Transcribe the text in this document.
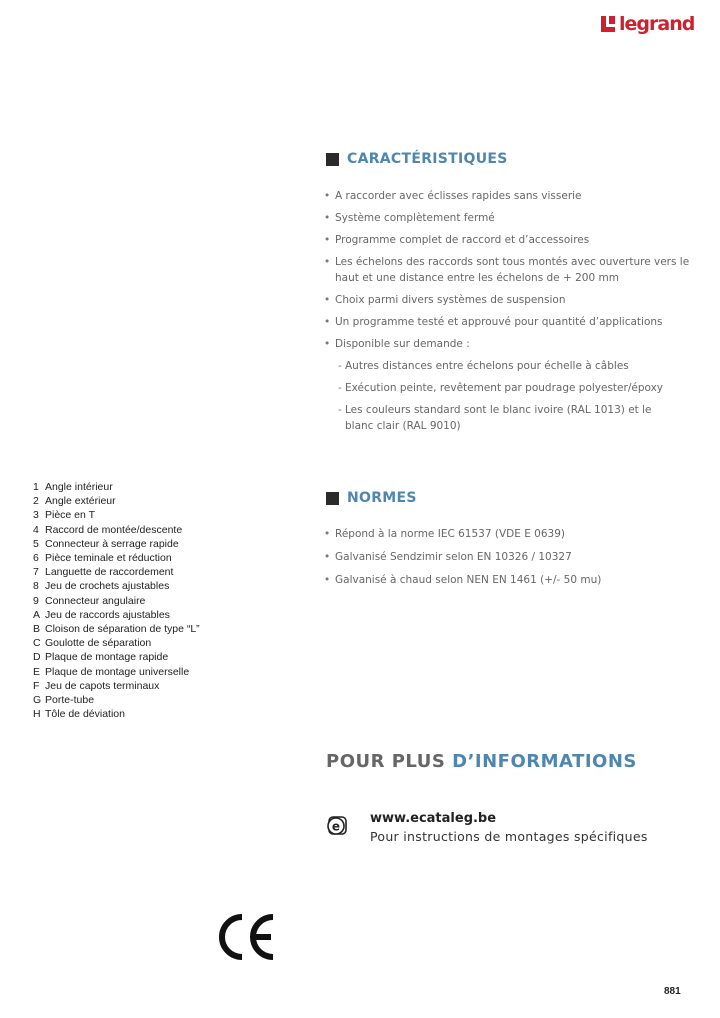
legrand
CARACTÉRISTIQUES
• A raccorder avec éclisses rapides sans visserie
• Système complètement fermé
• Programme complet de raccord et d’accessoires
• Les échelons des raccords sont tous montés avec ouverture vers le haut et une distance entre les échelons de + 200 mm
• Choix parmi divers systèmes de suspension
• Un programme testé et approuvé pour quantité d’applications
• Disponible sur demande :
- Autres distances entre échelons pour échelle à câbles
- Exécution peinte, revêtement par poudrage polyester/époxy
- Les couleurs standard sont le blanc ivoire (RAL 1013) et le blanc clair (RAL 9010)
NORMES
• Répond à la norme IEC 61537 (VDE E 0639)
• Galvanisé Sendzimir selon EN 10326 / 10327
• Galvanisé à chaud selon NEN EN 1461 (+/- 50 mu)
1 Angle intérieur
2 Angle extérieur
3 Pièce en T
4 Raccord de montée/descente
5 Connecteur à serrage rapide
6 Pièce teminale et réduction
7 Languette de raccordement
8 Jeu de crochets ajustables
9 Connecteur angulaire
A Jeu de raccords ajustables
B Cloison de séparation de type “L”
C Goulotte de séparation
D Plaque de montage rapide
E Plaque de montage universelle
F Jeu de capots terminaux
G Porte-tube
H Tôle de déviation
POUR PLUS D’INFORMATIONS
e
www.ecataleg.be
Pour instructions de montages spécifiques
881
